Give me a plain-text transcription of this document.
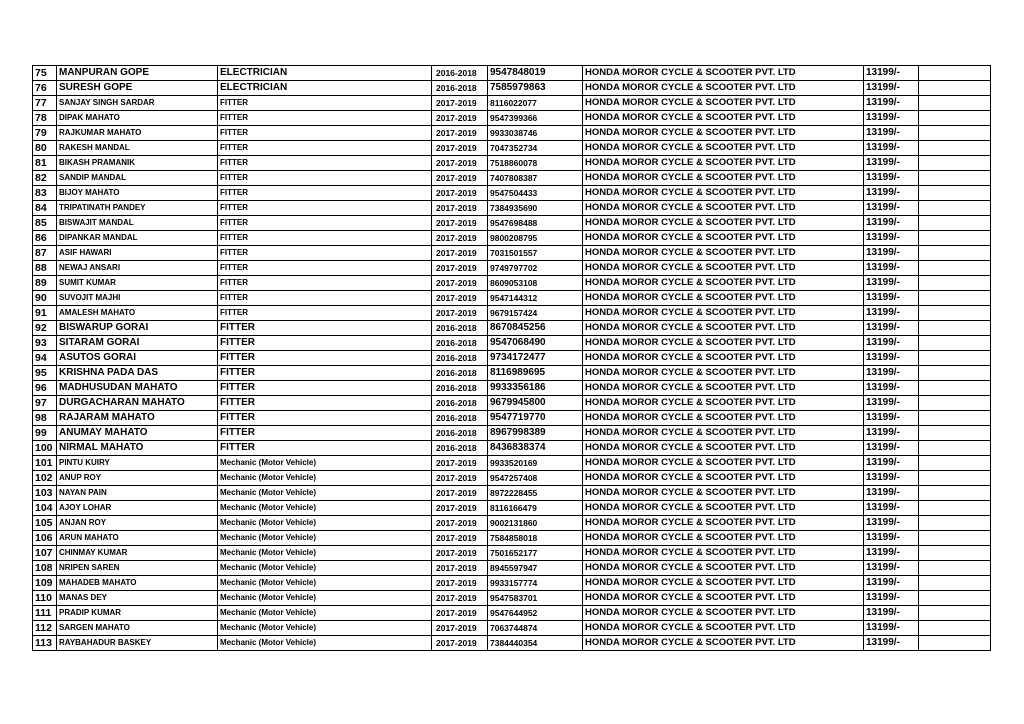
75	MANPURAN GOPE	ELECTRICIAN	2016-2018	9547848019	HONDA MOROR CYCLE & SCOOTER PVT. LTD	13199/-	
76	SURESH GOPE	ELECTRICIAN	2016-2018	7585979863	HONDA MOROR CYCLE & SCOOTER PVT. LTD	13199/-	
77	SANJAY SINGH SARDAR	FITTER	2017-2019	8116022077	HONDA MOROR CYCLE & SCOOTER PVT. LTD	13199/-	
78	DIPAK MAHATO	FITTER	2017-2019	9547399366	HONDA MOROR CYCLE & SCOOTER PVT. LTD	13199/-	
79	RAJKUMAR MAHATO	FITTER	2017-2019	9933038746	HONDA MOROR CYCLE & SCOOTER PVT. LTD	13199/-	
80	RAKESH MANDAL	FITTER	2017-2019	7047352734	HONDA MOROR CYCLE & SCOOTER PVT. LTD	13199/-	
81	BIKASH PRAMANIK	FITTER	2017-2019	7518860078	HONDA MOROR CYCLE & SCOOTER PVT. LTD	13199/-	
82	SANDIP MANDAL	FITTER	2017-2019	7407808387	HONDA MOROR CYCLE & SCOOTER PVT. LTD	13199/-	
83	BIJOY MAHATO	FITTER	2017-2019	9547504433	HONDA MOROR CYCLE & SCOOTER PVT. LTD	13199/-	
84	TRIPATINATH PANDEY	FITTER	2017-2019	7384935690	HONDA MOROR CYCLE & SCOOTER PVT. LTD	13199/-	
85	BISWAJIT MANDAL	FITTER	2017-2019	9547698488	HONDA MOROR CYCLE & SCOOTER PVT. LTD	13199/-	
86	DIPANKAR MANDAL	FITTER	2017-2019	9800208795	HONDA MOROR CYCLE & SCOOTER PVT. LTD	13199/-	
87	ASIF HAWARI	FITTER	2017-2019	7031501557	HONDA MOROR CYCLE & SCOOTER PVT. LTD	13199/-	
88	NEWAJ ANSARI	FITTER	2017-2019	9749797702	HONDA MOROR CYCLE & SCOOTER PVT. LTD	13199/-	
89	SUMIT KUMAR	FITTER	2017-2019	8609053108	HONDA MOROR CYCLE & SCOOTER PVT. LTD	13199/-	
90	SUVOJIT MAJHI	FITTER	2017-2019	9547144312	HONDA MOROR CYCLE & SCOOTER PVT. LTD	13199/-	
91	AMALESH MAHATO	FITTER	2017-2019	9679157424	HONDA MOROR CYCLE & SCOOTER PVT. LTD	13199/-	
92	BISWARUP GORAI	FITTER	2016-2018	8670845256	HONDA MOROR CYCLE & SCOOTER PVT. LTD	13199/-	
93	SITARAM GORAI	FITTER	2016-2018	9547068490	HONDA MOROR CYCLE & SCOOTER PVT. LTD	13199/-	
94	ASUTOS GORAI	FITTER	2016-2018	9734172477	HONDA MOROR CYCLE & SCOOTER PVT. LTD	13199/-	
95	KRISHNA PADA DAS	FITTER	2016-2018	8116989695	HONDA MOROR CYCLE & SCOOTER PVT. LTD	13199/-	
96	MADHUSUDAN MAHATO	FITTER	2016-2018	9933356186	HONDA MOROR CYCLE & SCOOTER PVT. LTD	13199/-	
97	DURGACHARAN MAHATO	FITTER	2016-2018	9679945800	HONDA MOROR CYCLE & SCOOTER PVT. LTD	13199/-	
98	RAJARAM MAHATO	FITTER	2016-2018	9547719770	HONDA MOROR CYCLE & SCOOTER PVT. LTD	13199/-	
99	ANUMAY MAHATO	FITTER	2016-2018	8967998389	HONDA MOROR CYCLE & SCOOTER PVT. LTD	13199/-	
100	NIRMAL MAHATO	FITTER	2016-2018	8436838374	HONDA MOROR CYCLE & SCOOTER PVT. LTD	13199/-	
101	PINTU KUIRY	Mechanic (Motor Vehicle)	2017-2019	9933520169	HONDA MOROR CYCLE & SCOOTER PVT. LTD	13199/-	
102	ANUP ROY	Mechanic (Motor Vehicle)	2017-2019	9547257408	HONDA MOROR CYCLE & SCOOTER PVT. LTD	13199/-	
103	NAYAN PAIN	Mechanic (Motor Vehicle)	2017-2019	8972228455	HONDA MOROR CYCLE & SCOOTER PVT. LTD	13199/-	
104	AJOY LOHAR	Mechanic (Motor Vehicle)	2017-2019	8116166479	HONDA MOROR CYCLE & SCOOTER PVT. LTD	13199/-	
105	ANJAN ROY	Mechanic (Motor Vehicle)	2017-2019	9002131860	HONDA MOROR CYCLE & SCOOTER PVT. LTD	13199/-	
106	ARUN MAHATO	Mechanic (Motor Vehicle)	2017-2019	7584858018	HONDA MOROR CYCLE & SCOOTER PVT. LTD	13199/-	
107	CHINMAY KUMAR	Mechanic (Motor Vehicle)	2017-2019	7501652177	HONDA MOROR CYCLE & SCOOTER PVT. LTD	13199/-	
108	NRIPEN SAREN	Mechanic (Motor Vehicle)	2017-2019	8945597947	HONDA MOROR CYCLE & SCOOTER PVT. LTD	13199/-	
109	MAHADEB MAHATO	Mechanic (Motor Vehicle)	2017-2019	9933157774	HONDA MOROR CYCLE & SCOOTER PVT. LTD	13199/-	
110	MANAS DEY	Mechanic (Motor Vehicle)	2017-2019	9547583701	HONDA MOROR CYCLE & SCOOTER PVT. LTD	13199/-	
111	PRADIP KUMAR	Mechanic (Motor Vehicle)	2017-2019	9547644952	HONDA MOROR CYCLE & SCOOTER PVT. LTD	13199/-	
112	SARGEN MAHATO	Mechanic (Motor Vehicle)	2017-2019	7063744874	HONDA MOROR CYCLE & SCOOTER PVT. LTD	13199/-	
113	RAYBAHADUR BASKEY	Mechanic (Motor Vehicle)	2017-2019	7384440354	HONDA MOROR CYCLE & SCOOTER PVT. LTD	13199/-	
